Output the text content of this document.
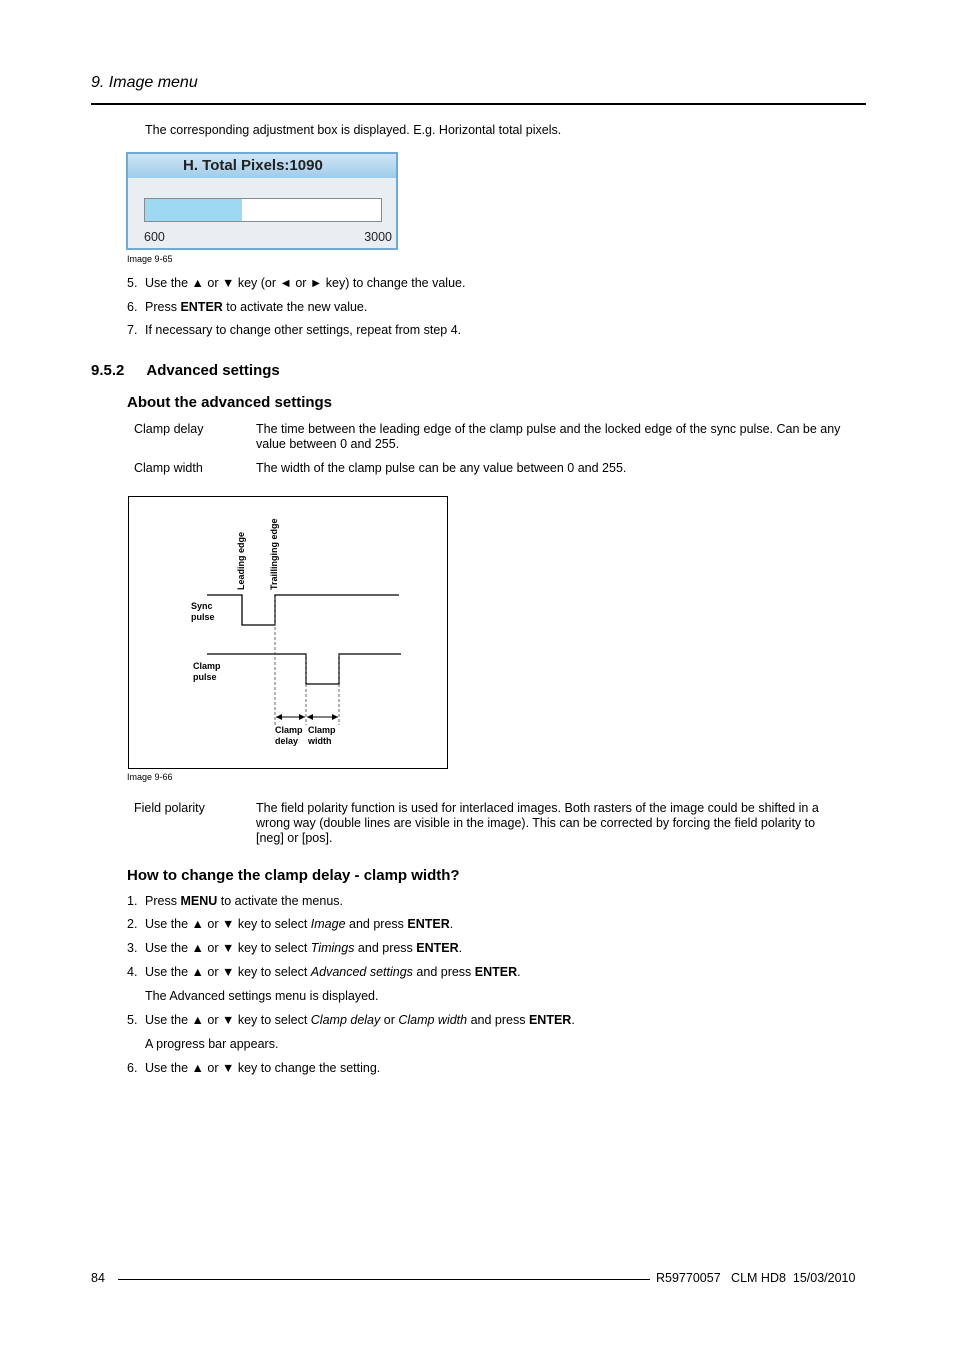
9. Image menu
The corresponding adjustment box is displayed. E.g. Horizontal total pixels.
H. Total Pixels:1090
600	3000
Image 9-65
5. Use the ▲ or ▼ key (or ◄ or ► key) to change the value.
6. Press ENTER to activate the new value.
7. If necessary to change other settings, repeat from step 4.
9.5.2 Advanced settings
About the advanced settings
Clamp delay	The time between the leading edge of the clamp pulse and the locked edge of the sync pulse. Can be any value between 0 and 255.
Clamp width	The width of the clamp pulse can be any value between 0 and 255.
Leading edge	Traillinging edge
Sync
pulse
Clamp
pulse
Clamp
delay
Clamp
width
Image 9-66
Field polarity	The field polarity function is used for interlaced images. Both rasters of the image could be shifted in a wrong way (double lines are visible in the image). This can be corrected by forcing the field polarity to [neg] or [pos].
How to change the clamp delay - clamp width?
1. Press MENU to activate the menus.
2. Use the ▲ or ▼ key to select Image and press ENTER.
3. Use the ▲ or ▼ key to select Timings and press ENTER.
4. Use the ▲ or ▼ key to select Advanced settings and press ENTER.
The Advanced settings menu is displayed.
5. Use the ▲ or ▼ key to select Clamp delay or Clamp width and press ENTER.
A progress bar appears.
6. Use the ▲ or ▼ key to change the setting.
84	R59770057   CLM HD8  15/03/2010
